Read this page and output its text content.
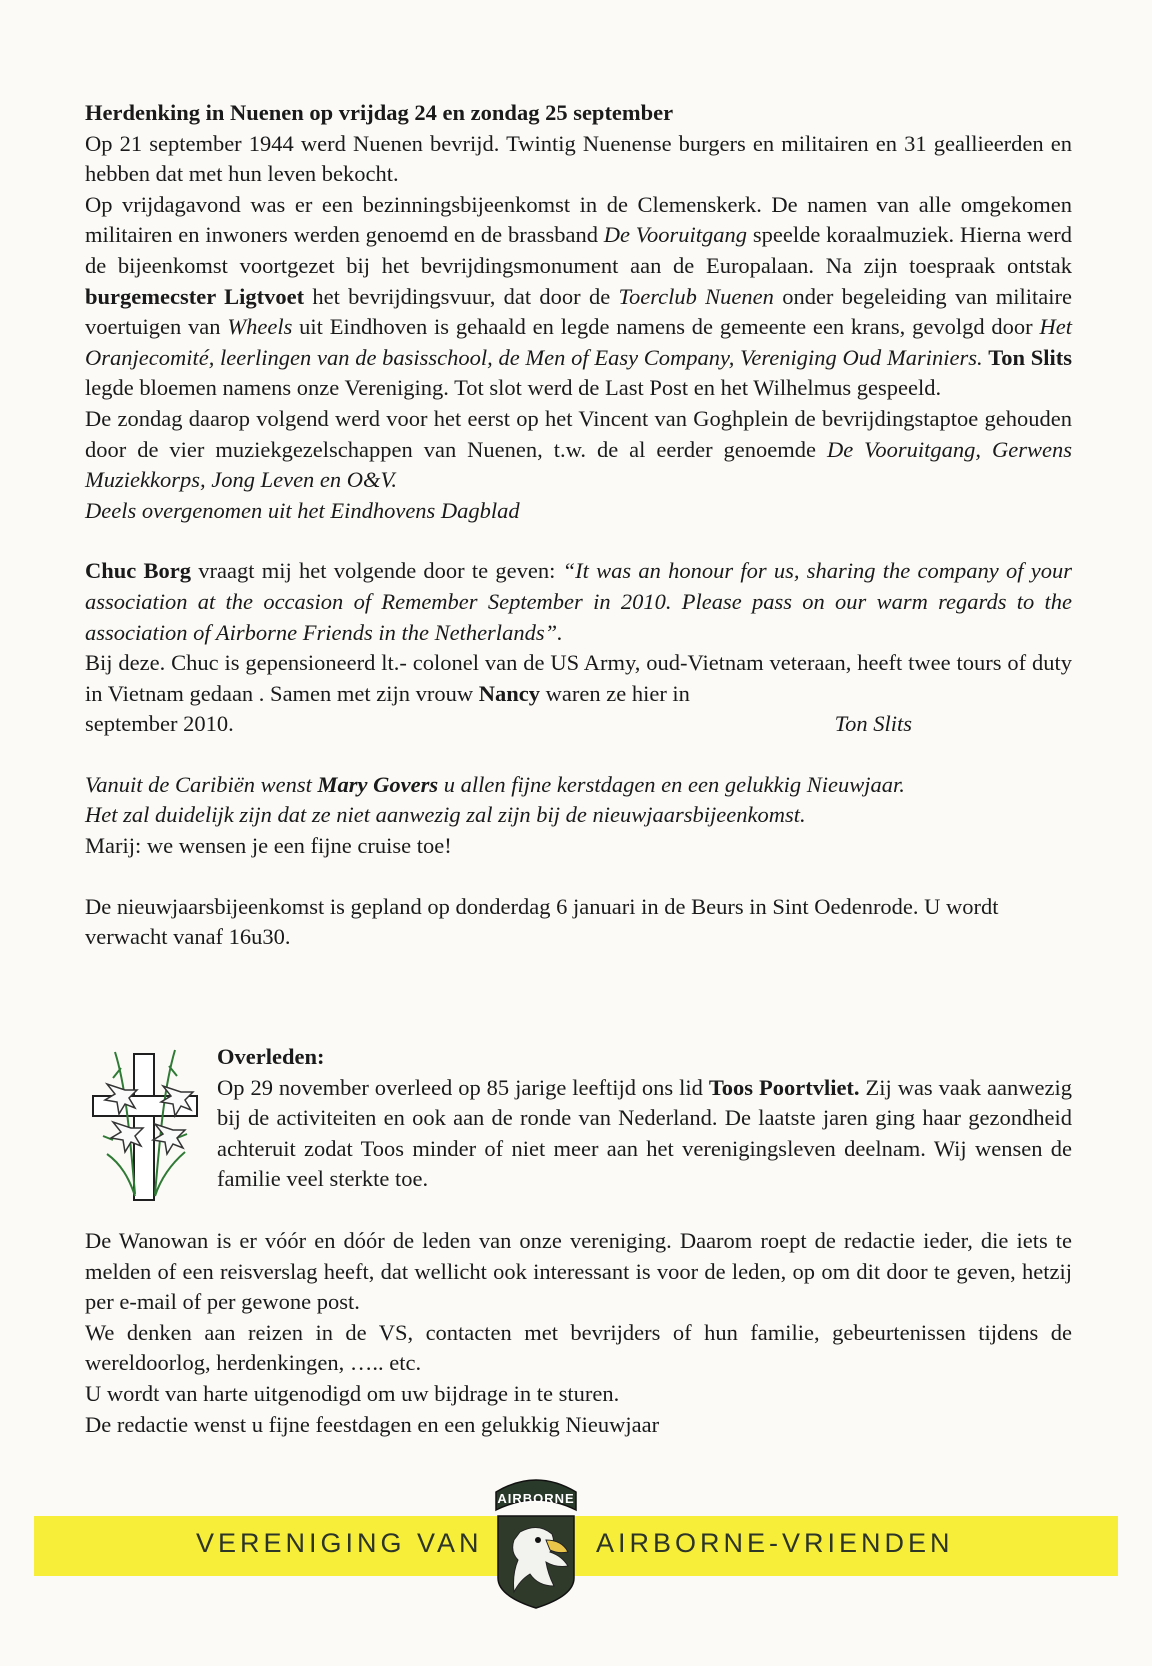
Herdenking in Nuenen op vrijdag 24 en zondag 25 september

Op 21 september 1944 werd Nuenen bevrijd. Twintig Nuenense burgers en militairen en 31 geallieerden en hebben dat met hun leven bekocht.

Op vrijdagavond was er een bezinningsbijeenkomst in de Clemenskerk. De namen van alle omgekomen militairen en inwoners werden genoemd en de brassband De Vooruitgang speelde koraalmuziek. Hierna werd de bijeenkomst voortgezet bij het bevrijdingsmonument aan de Europalaan. Na zijn toespraak ontstak burgemecster Ligtvoet het bevrijdingsvuur, dat door de Toerclub Nuenen onder begeleiding van militaire voertuigen van Wheels uit Eindhoven is gehaald en legde namens de gemeente een krans, gevolgd door Het Oranjecomité, leerlingen van de basisschool, de Men of Easy Company, Vereniging Oud Mariniers. Ton Slits legde bloemen namens onze Vereniging. Tot slot werd de Last Post en het Wilhelmus gespeeld.

De zondag daarop volgend werd voor het eerst op het Vincent van Goghplein de bevrijdingstaptoe gehouden door de vier muziekgezelschappen van Nuenen, t.w. de al eerder genoemde De Vooruitgang, Gerwens Muziekkorps, Jong Leven en O&V.

Deels overgenomen uit het Eindhovens Dagblad

Chuc Borg vraagt mij het volgende door te geven: “It was an honour for us, sharing the company of your association at the occasion of Remember September in 2010. Please pass on our warm regards to the association of Airborne Friends in the Netherlands”.

Bij deze. Chuc is gepensioneerd lt.- colonel van de US Army, oud-Vietnam veteraan, heeft twee tours of duty in Vietnam gedaan . Samen met zijn vrouw Nancy waren ze hier in

september 2010.	Ton Slits

Vanuit de Caribiën wenst Mary Govers u allen fijne kerstdagen en een gelukkig Nieuwjaar.

Het zal duidelijk zijn dat ze niet aanwezig zal zijn bij de nieuwjaarsbijeenkomst.

Marij: we wensen je een fijne cruise toe!

De nieuwjaarsbijeenkomst is gepland op donderdag 6 januari in de Beurs in Sint Oedenrode. U wordt verwacht vanaf 16u30.

Overleden:

Op 29 november overleed op 85 jarige leeftijd ons lid Toos Poortvliet. Zij was vaak aanwezig bij de activiteiten en ook aan de ronde van Nederland. De laatste jaren ging haar gezondheid achteruit zodat Toos minder of niet meer aan het verenigingsleven deelnam. Wij wensen de familie veel sterkte toe.

De Wanowan is er vóór en dóór de leden van onze vereniging. Daarom roept de redactie ieder, die iets te melden of een reisverslag heeft, dat wellicht ook interessant is voor de leden, op om dit door te geven, hetzij per e-mail of per gewone post.

We denken aan reizen in de VS, contacten met bevrijders of hun familie, gebeurtenissen tijdens de wereldoorlog, herdenkingen, ….. etc.

U wordt van harte uitgenodigd om uw bijdrage in te sturen.

De redactie wenst u fijne feestdagen en een gelukkig Nieuwjaar

VERENIGING VAN	AIRBORNE-VRIENDEN
AIRBORNE
